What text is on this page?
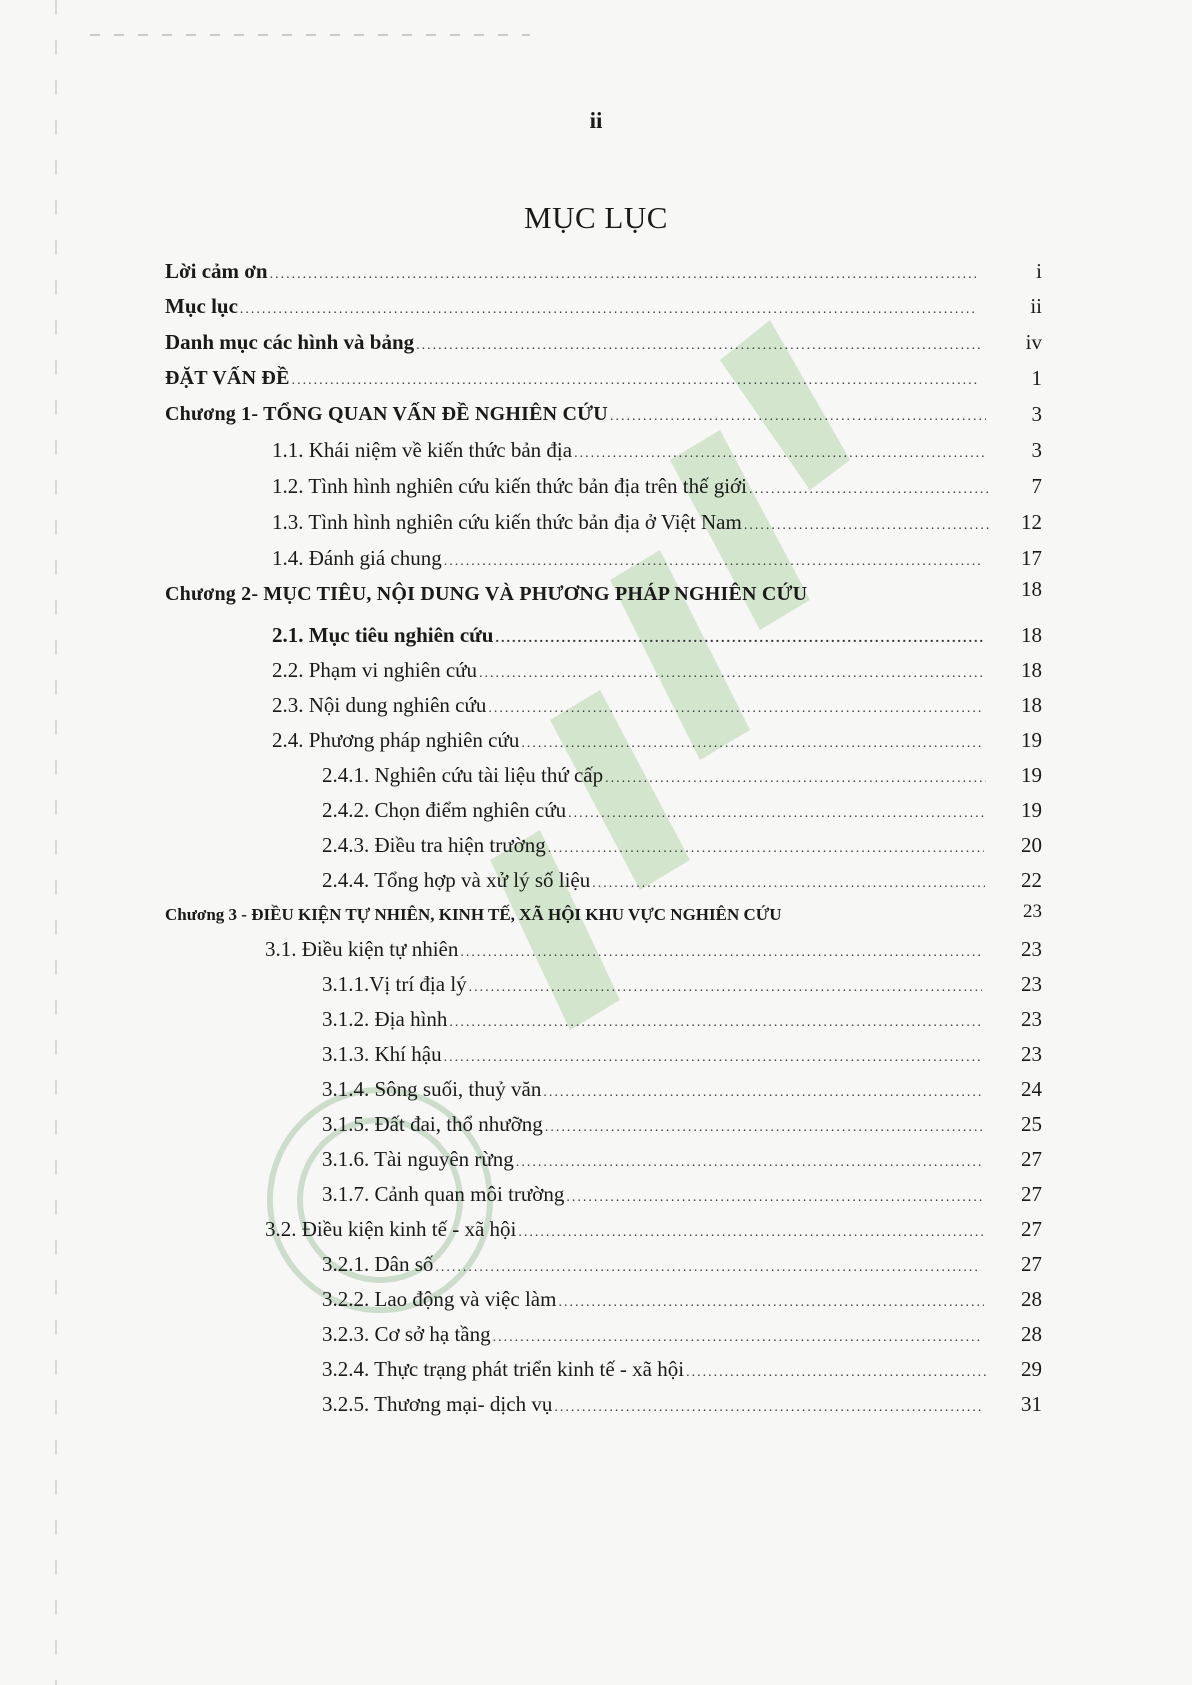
ii
MỤC LỤC
Lời cảm ơn .....	i
Mục lục .....	ii
Danh mục các hình và bảng .....	iv
ĐẶT VẤN ĐỀ .....	1
Chương 1- TỔNG QUAN VẤN ĐỀ NGHIÊN CỨU .....	3
1.1. Khái niệm về kiến thức bản địa .....	3
1.2. Tình hình nghiên cứu kiến thức bản địa trên thế giới .....	7
1.3. Tình hình nghiên cứu kiến thức bản địa ở Việt Nam .....	12
1.4. Đánh giá chung .....	17
Chương 2- MỤC TIÊU, NỘI DUNG VÀ PHƯƠNG PHÁP NGHIÊN CỨU	18
2.1. Mục tiêu nghiên cứu .....	18
2.2. Phạm vi nghiên cứu .....	18
2.3. Nội dung nghiên cứu .....	18
2.4. Phương pháp nghiên cứu .....	19
2.4.1. Nghiên cứu tài liệu thứ cấp .....	19
2.4.2. Chọn điểm nghiên cứu .....	19
2.4.3. Điều tra hiện trường .....	20
2.4.4. Tổng hợp và xử lý số liệu .....	22
Chương 3 - ĐIỀU KIỆN TỰ NHIÊN, KINH TẾ, XÃ HỘI KHU VỰC NGHIÊN CỨU	23
3.1. Điều kiện tự nhiên .....	23
3.1.1.Vị trí địa lý .....	23
3.1.2. Địa hình .....	23
3.1.3. Khí hậu .....	23
3.1.4. Sông suối, thuỷ văn .....	24
3.1.5. Đất đai, thổ nhưỡng .....	25
3.1.6. Tài nguyên rừng .....	27
3.1.7. Cảnh quan môi trường .....	27
3.2. Điều kiện kinh tế - xã hội .....	27
3.2.1. Dân số .....	27
3.2.2. Lao động và việc làm .....	28
3.2.3. Cơ sở hạ tầng .....	28
3.2.4. Thực trạng phát triển kinh tế - xã hội .....	29
3.2.5. Thương mại- dịch vụ .....	31
